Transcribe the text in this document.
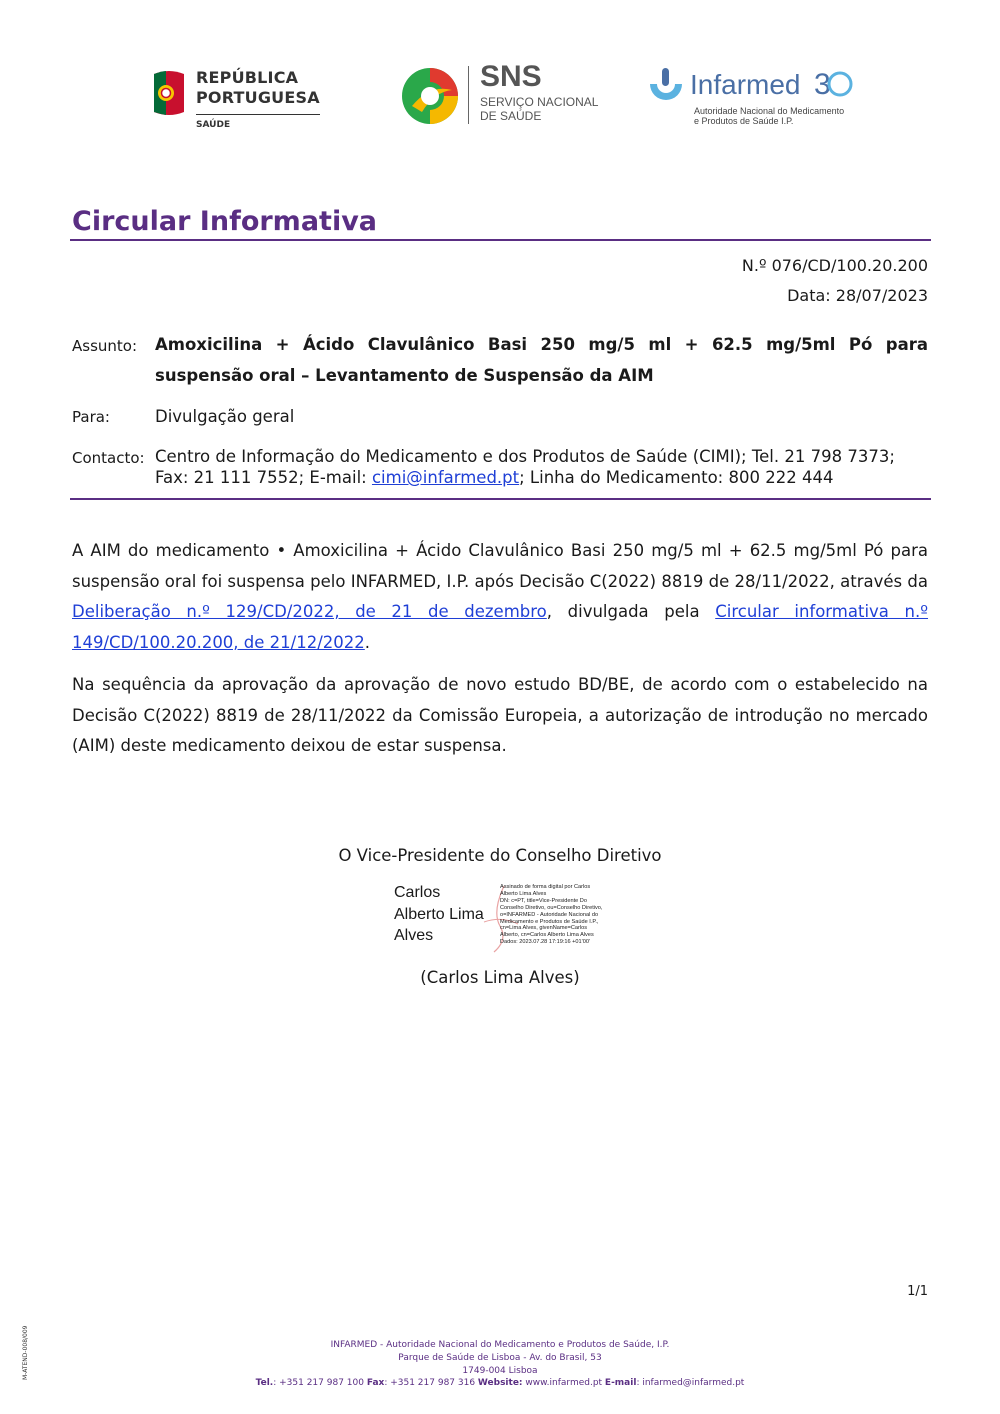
REPÚBLICA
PORTUGUESA
SAÚDE
SNS
SERVIÇO NACIONAL
DE SAÚDE
Infarmed 3
Autoridade Nacional do Medicamento
e Produtos de Saúde I.P.
Circular Informativa
N.º 076/CD/100.20.200
Data: 28/07/2023
Assunto: Amoxicilina + Ácido Clavulânico Basi 250 mg/5 ml + 62.5 mg/5ml Pó para suspensão oral – Levantamento de Suspensão da AIM
Para:	Divulgação geral
Contacto: Centro de Informação do Medicamento e dos Produtos de Saúde (CIMI); Tel. 21 798 7373;
Fax: 21 111 7552; E-mail: cimi@infarmed.pt; Linha do Medicamento: 800 222 444
A AIM do medicamento • Amoxicilina + Ácido Clavulânico Basi 250 mg/5 ml + 62.5 mg/5ml Pó para suspensão oral foi suspensa pelo INFARMED, I.P. após Decisão C(2022) 8819 de 28/11/2022, através da Deliberação n.º 129/CD/2022, de 21 de dezembro, divulgada pela Circular informativa n.º 149/CD/100.20.200, de 21/12/2022.
Na sequência da aprovação da aprovação de novo estudo BD/BE, de acordo com o estabelecido na Decisão C(2022) 8819 de 28/11/2022 da Comissão Europeia, a autorização de introdução no mercado (AIM) deste medicamento deixou de estar suspensa.
O Vice-Presidente do Conselho Diretivo
Carlos
Alberto Lima
Alves
Assinado de forma digital por Carlos
Alberto Lima Alves
DN: c=PT, title=Vice-Presidente Do
Conselho Diretivo, ou=Conselho Diretivo,
o=INFARMED - Autoridade Nacional do
Medicamento e Produtos de Saúde I.P.,
cn=Lima Alves, givenName=Carlos
Alberto, cn=Carlos Alberto Lima Alves
Dados: 2023.07.28 17:19:16 +01'00'
(Carlos Lima Alves)
1/1
M-ATEND-008/009	INFARMED - Autoridade Nacional do Medicamento e Produtos de Saúde, I.P.
Parque de Saúde de Lisboa - Av. do Brasil, 53
1749-004 Lisboa
Tel.: +351 217 987 100 Fax: +351 217 987 316 Website: www.infarmed.pt E-mail: infarmed@infarmed.pt
